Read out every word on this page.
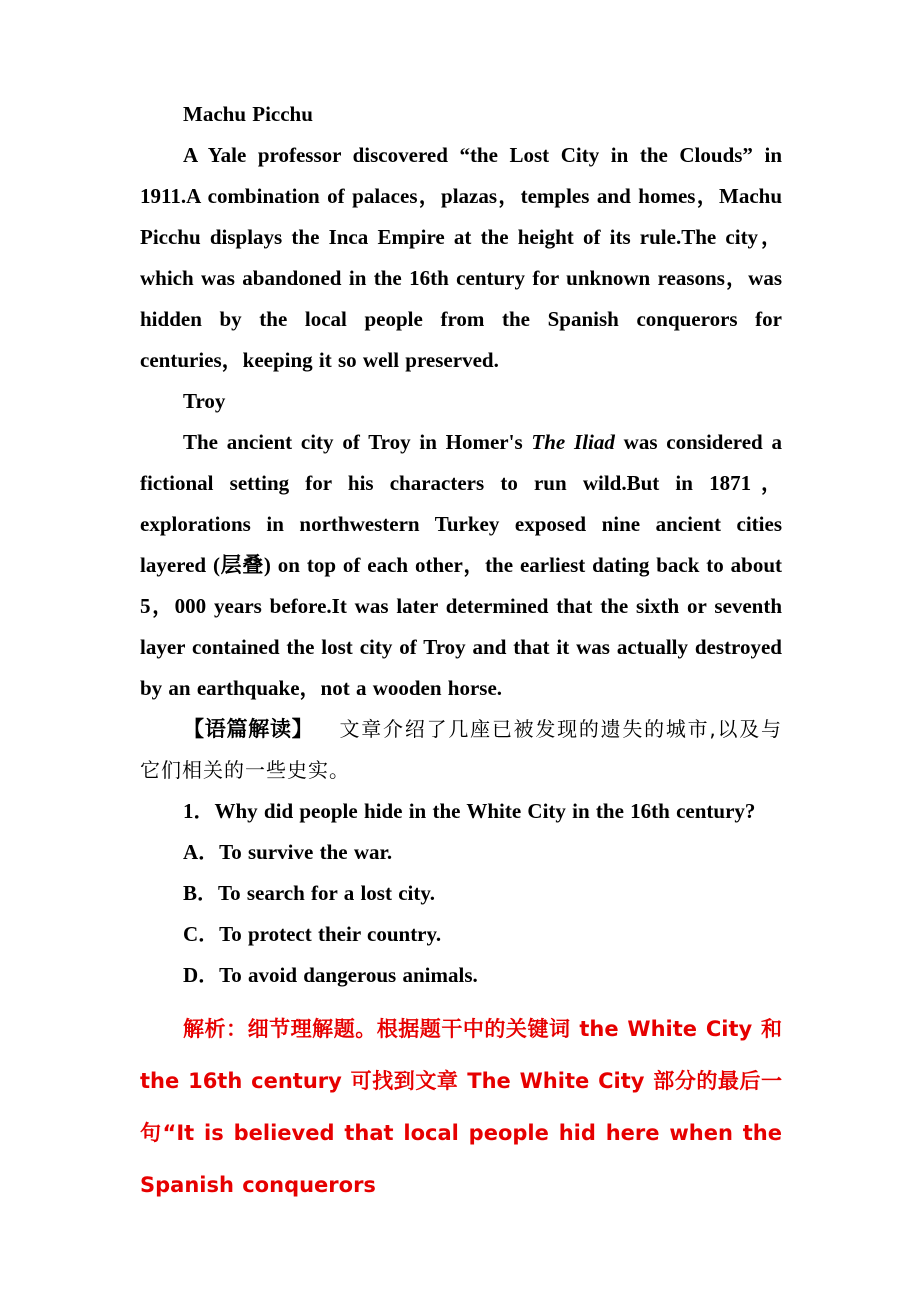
Machu Picchu

A Yale professor discovered “the Lost City in the Clouds” in 1911.A combination of palaces，plazas，temples and homes，Machu Picchu displays the Inca Empire at the height of its rule.The city，which was abandoned in the 16th century for unknown reasons，was hidden by the local people from the Spanish conquerors for centuries，keeping it so well preserved.

Troy

The ancient city of Troy in Homer's The Iliad was considered a fictional setting for his characters to run wild.But in 1871，explorations in northwestern Turkey exposed nine ancient cities layered (层叠) on top of each other，the earliest dating back to about 5，000 years before.It was later determined that the sixth or seventh layer contained the lost city of Troy and that it was actually destroyed by an earthquake，not a wooden horse.

【语篇解读】 文章介绍了几座已被发现的遗失的城市,以及与它们相关的一些史实。

1．Why did people hide in the White City in the 16th century?

A．To survive the war.

B．To search for a lost city.

C．To protect their country.

D．To avoid dangerous animals.

解析：细节理解题。根据题干中的关键词 the White City 和 the 16th century 可找到文章 The White City 部分的最后一句“It is believed that local people hid here when the Spanish conquerors
